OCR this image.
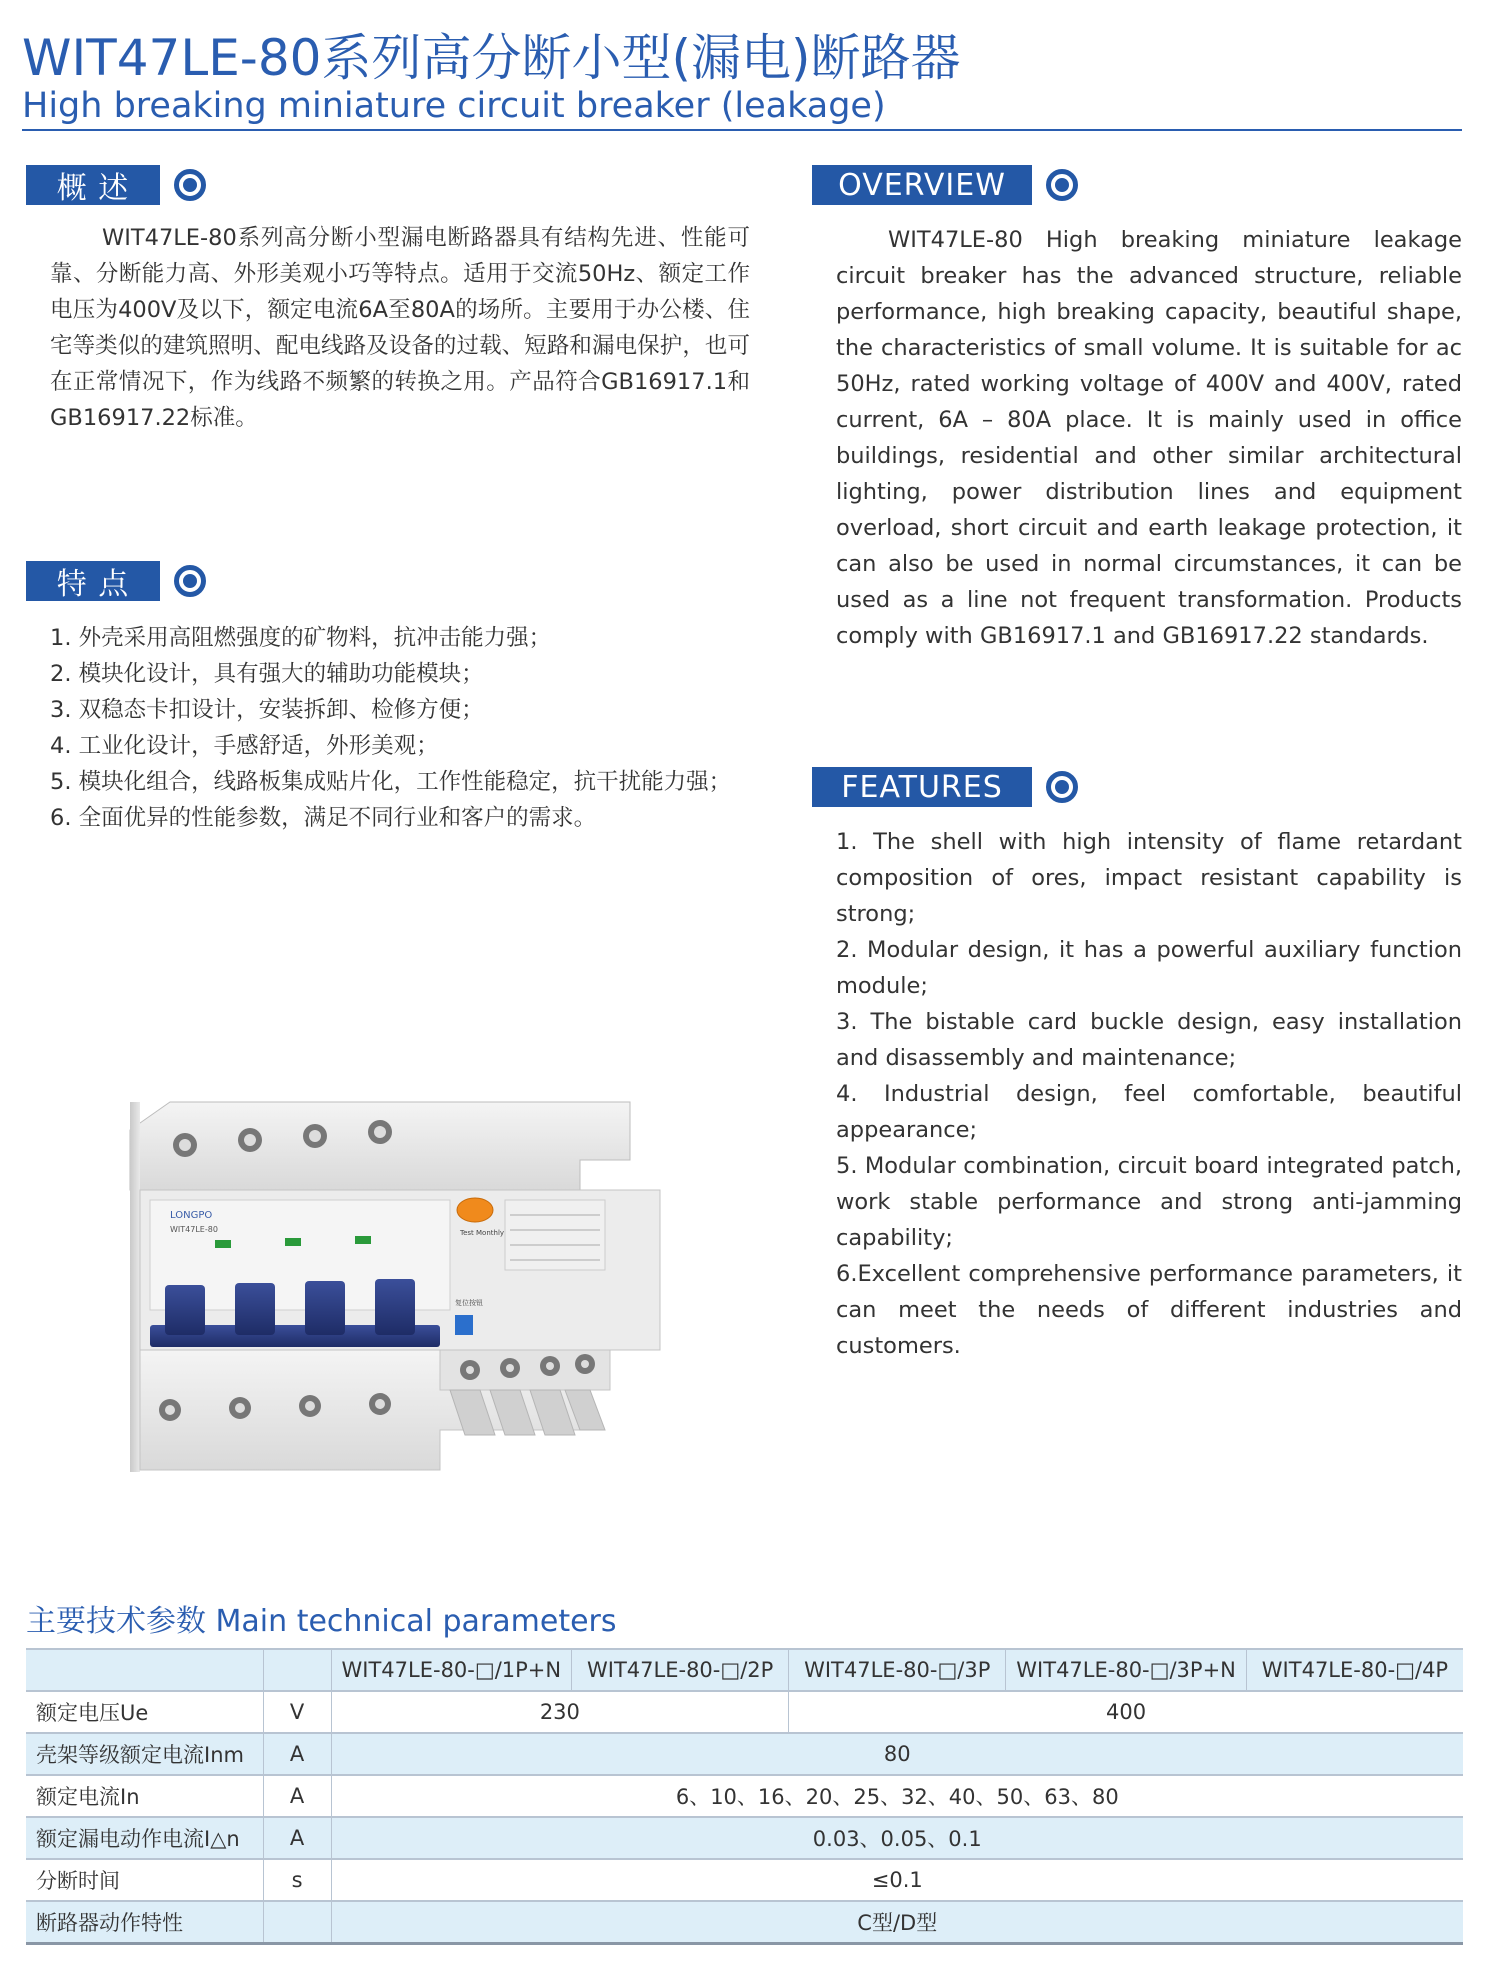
WIT47LE-80系列高分断小型(漏电)断路器
High breaking miniature circuit breaker (leakage)
概 述
WIT47LE-80系列高分断小型漏电断路器具有结构先进、性能可靠、分断能力高、外形美观小巧等特点。适用于交流50Hz、额定工作电压为400V及以下，额定电流6A至80A的场所。主要用于办公楼、住宅等类似的建筑照明、配电线路及设备的过载、短路和漏电保护，也可在正常情况下，作为线路不频繁的转换之用。产品符合GB16917.1和GB16917.22标准。
特 点
1. 外壳采用高阻燃强度的矿物料，抗冲击能力强；
2. 模块化设计，具有强大的辅助功能模块；
3. 双稳态卡扣设计，安装拆卸、检修方便；
4. 工业化设计，手感舒适，外形美观；
5. 模块化组合，线路板集成贴片化，工作性能稳定，抗干扰能力强；
6. 全面优异的性能参数，满足不同行业和客户的需求。
OVERVIEW
WIT47LE-80 High breaking miniature leakage circuit breaker has the advanced structure, reliable performance, high breaking capacity, beautiful shape, the characteristics of small volume. It is suitable for ac 50Hz, rated working voltage of 400V and 400V, rated current, 6A – 80A place. It is mainly used in office buildings, residential and other similar architectural lighting, power distribution lines and equipment overload, short circuit and earth leakage protection, it can also be used in normal circumstances, it can be used as a line not frequent transformation. Products comply with GB16917.1 and GB16917.22 standards.
FEATURES
1. The shell with high intensity of flame retardant composition of ores, impact resistant capability is strong;
2. Modular design, it has a powerful auxiliary function module;
3. The bistable card buckle design, easy installation and disassembly and maintenance;
4. Industrial design, feel comfortable, beautiful appearance;
5. Modular combination, circuit board integrated patch, work stable performance and strong anti-jamming capability;
6.Excellent comprehensive performance parameters, it can meet the needs of different industries and customers.
LONGPO
WIT47LE-80	Test Monthly
复位按钮
主要技术参数 Main technical parameters
		WIT47LE-80-□/1P+N	WIT47LE-80-□/2P	WIT47LE-80-□/3P	WIT47LE-80-□/3P+N	WIT47LE-80-□/4P
额定电压Ue	V	230		400		
壳架等级额定电流Inm	A	80				
额定电流In	A	6、10、16、20、25、32、40、50、63、80				
额定漏电动作电流I△n	A	0.03、0.05、0.1				
分断时间	s	≤0.1				
断路器动作特性		C型/D型				
